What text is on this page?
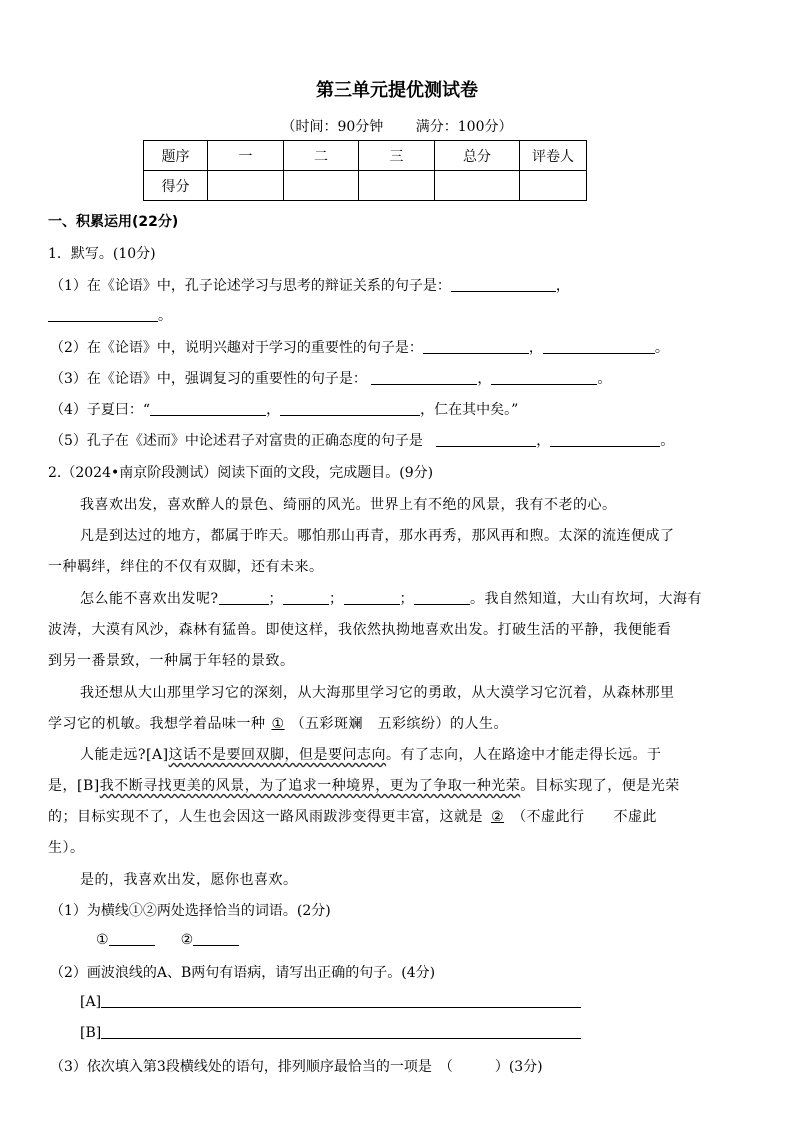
第三单元提优测试卷
（时间：90分钟 满分：100分）
题序	一	二	三	总分	评卷人
得分					
一、积累运用(22分)
1．默写。(10分)
（1）在《论语》中，孔子论述学习与思考的辩证关系的句子是：	，
。
（2）在《论语》中，说明兴趣对于学习的重要性的句子是：	，	。
（3）在《论语》中，强调复习的重要性的句子是：	，	。
（4）子夏曰：“	，	，仁在其中矣。”
（5）孔子在《述而》中论述君子对富贵的正确态度的句子是	，	。
2.（2024•南京阶段测试）阅读下面的文段，完成题目。(9分)
我喜欢出发，喜欢醉人的景色、绮丽的风光。世界上有不绝的风景，我有不老的心。
凡是到达过的地方，都属于昨天。哪怕那山再青，那水再秀，那风再和煦。太深的流连便成了
一种羁绊，绊住的不仅有双脚，还有未来。
怎么能不喜欢出发呢?	；	；	；	。我自然知道，大山有坎坷，大海有
波涛，大漠有风沙，森林有猛兽。即使这样，我依然执拗地喜欢出发。打破生活的平静，我便能看
到另一番景致，一种属于年轻的景致。
我还想从大山那里学习它的深刻，从大海那里学习它的勇敢，从大漠学习它沉着，从森林那里
学习它的机敏。我想学着品味一种 ① （五彩斑斓　五彩缤纷）的人生。
人能走远?[A]这话不是要回双脚，但是要问志向。有了志向，人在路途中才能走得长远。于
是，[B]我不断寻找更美的风景，为了追求一种境界，更为了争取一种光荣。目标实现了，便是光荣
的；目标实现不了，人生也会因这一路风雨跋涉变得更丰富，这就是 ② （不虚此行　　不虚此
生）。
是的，我喜欢出发，愿你也喜欢。
（1）为横线①②两处选择恰当的词语。(2分)
①	②
（2）画波浪线的A、B两句有语病，请写出正确的句子。(4分)
[A]
[B]
（3）依次填入第3段横线处的语句，排列顺序最恰当的一项是　（　　　）(3分)
